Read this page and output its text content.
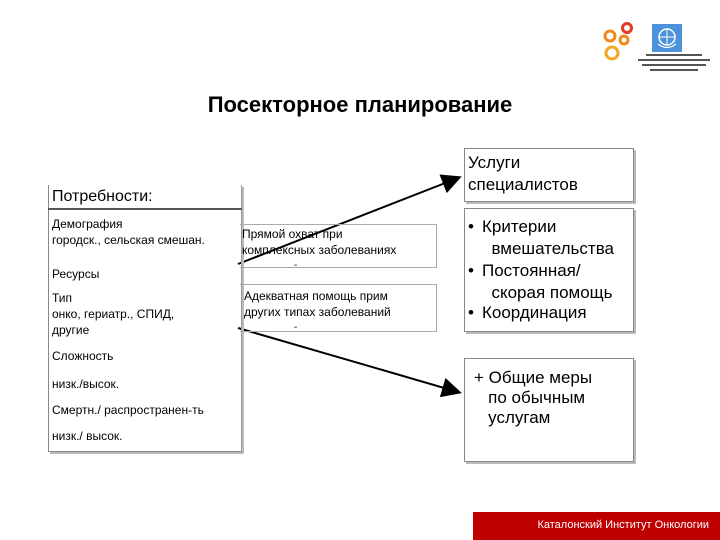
Посекторное планирование
Потребности:
Демография
городск., сельская смешан.
Ресурсы
Тип
онко, гериатр., СПИД,
другие
Сложность
низк./высок.
Смертн./ распространен-ть
низк./ высок.
Прямой охват при
комплексных заболеваниях
-
Адекватная помощь прим
других типах заболеваний
-
Услуги
специалистов
• Критерии
вмешательства
• Постоянная/
скорая помощь
• Координация
+ Общие меры
по обычным
услугам
Каталонский Институт Онкологии
